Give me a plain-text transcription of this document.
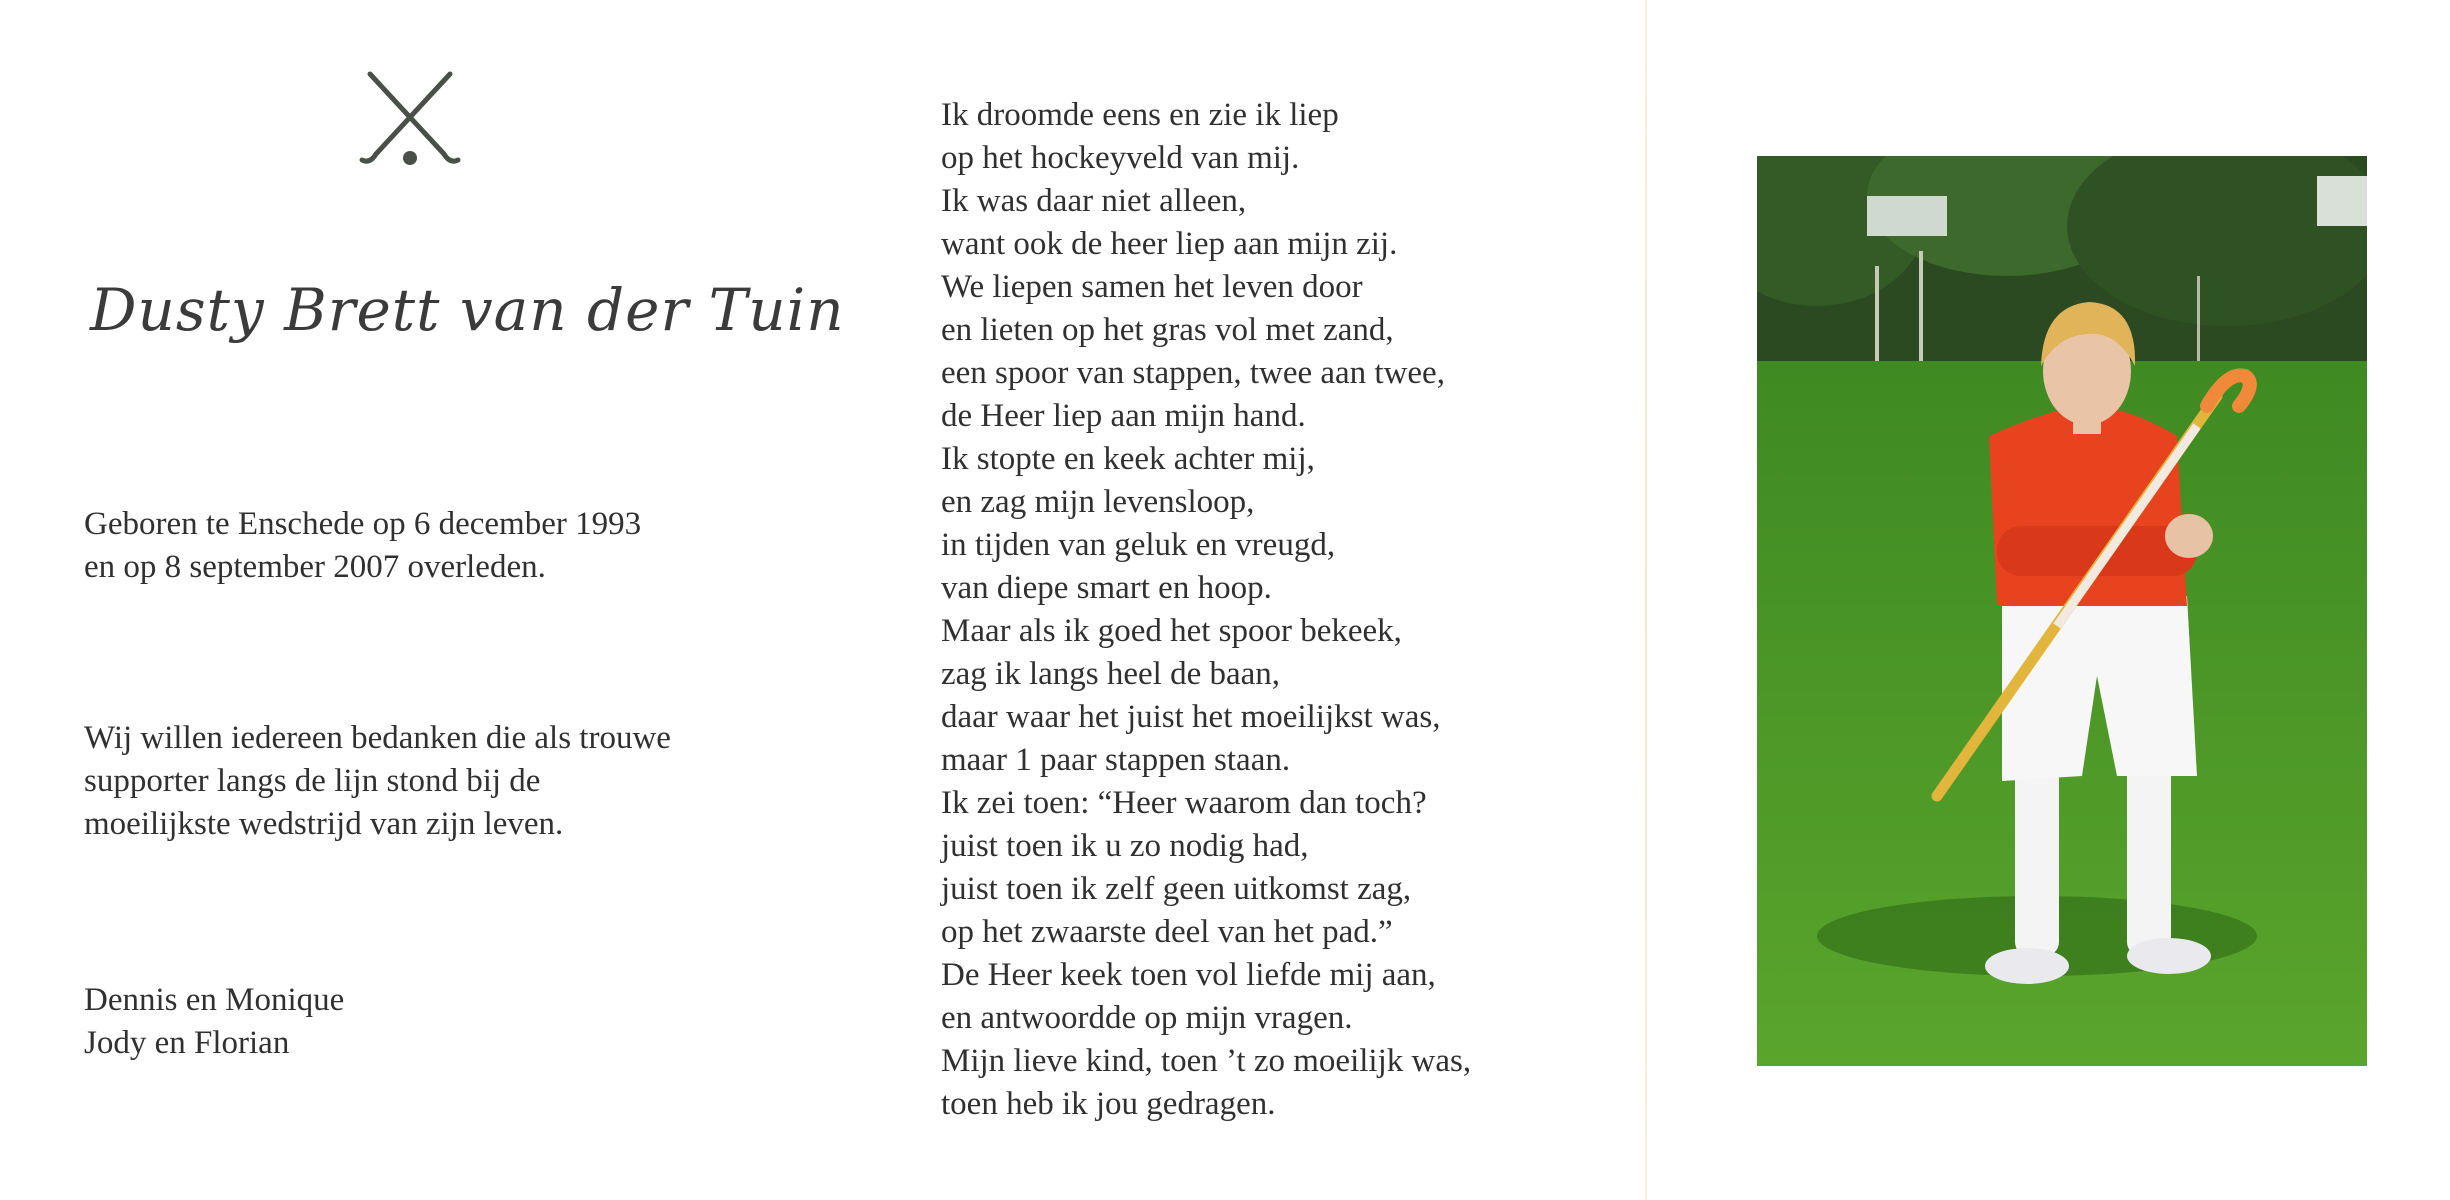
Dusty Brett van der Tuin
Geboren te Enschede op 6 december 1993
en op 8 september 2007 overleden.
Wij willen iedereen bedanken die als trouwe
supporter langs de lijn stond bij de
moeilijkste wedstrijd van zijn leven.
Dennis en Monique
Jody en Florian
Ik droomde eens en zie ik liep
op het hockeyveld van mij.
Ik was daar niet alleen,
want ook de heer liep aan mijn zij.
We liepen samen het leven door
en lieten op het gras vol met zand,
een spoor van stappen, twee aan twee,
de Heer liep aan mijn hand.
Ik stopte en keek achter mij,
en zag mijn levensloop,
in tijden van geluk en vreugd,
van diepe smart en hoop.
Maar als ik goed het spoor bekeek,
zag ik langs heel de baan,
daar waar het juist het moeilijkst was,
maar 1 paar stappen staan.
Ik zei toen: “Heer waarom dan toch?
juist toen ik u zo nodig had,
juist toen ik zelf geen uitkomst zag,
op het zwaarste deel van het pad.”
De Heer keek toen vol liefde mij aan,
en antwoordde op mijn vragen.
Mijn lieve kind, toen ’t zo moeilijk was,
toen heb ik jou gedragen.
